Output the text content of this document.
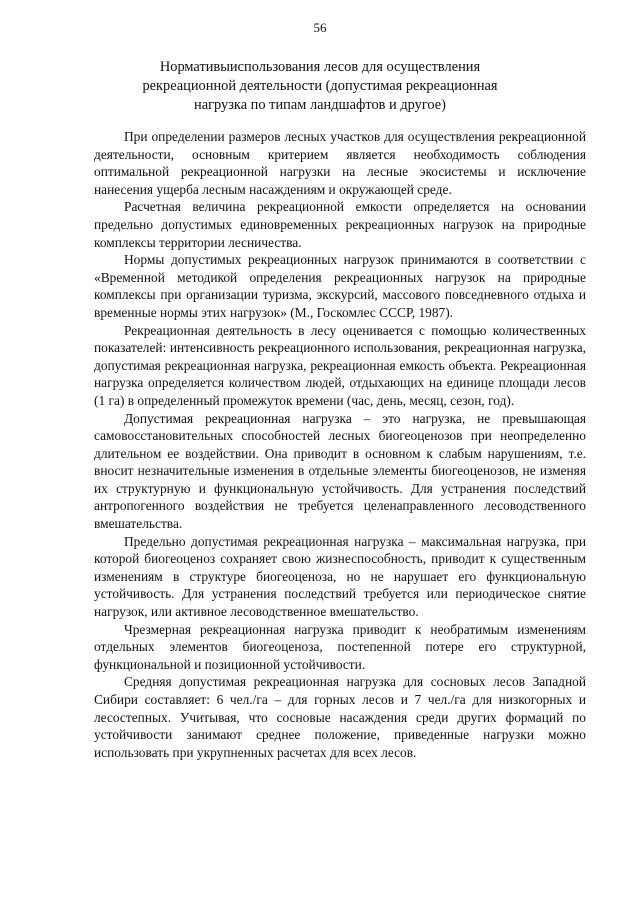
56
Нормативыиспользования лесов для осуществления
рекреационной деятельности (допустимая рекреационная
нагрузка по типам ландшафтов и другое)

При определении размеров лесных участков для осуществления рекреационной деятельности, основным критерием является необходимость соблюдения оптимальной рекреационной нагрузки на лесные экосистемы и исключение нанесения ущерба лесным насаждениям и окружающей среде.

Расчетная величина рекреационной емкости определяется на основании предельно допустимых единовременных рекреационных нагрузок на природные комплексы территории лесничества.

Нормы допустимых рекреационных нагрузок принимаются в соответствии с «Временной методикой определения рекреационных нагрузок на природные комплексы при организации туризма, экскурсий, массового повседневного отдыха и временные нормы этих нагрузок» (М., Госкомлес СССР, 1987).

Рекреационная деятельность в лесу оценивается с помощью количественных показателей: интенсивность рекреационного использования, рекреационная нагрузка, допустимая рекреационная нагрузка, рекреационная емкость объекта. Рекреационная нагрузка определяется количеством людей, отдыхающих на единице площади лесов (1 га) в определенный промежуток времени (час, день, месяц, сезон, год).

Допустимая рекреационная нагрузка – это нагрузка, не превышающая самовосстановительных способностей лесных биогеоценозов при неопределенно длительном ее воздействии. Она приводит в основном к слабым нарушениям, т.е. вносит незначительные изменения в отдельные элементы биогеоценозов, не изменяя их структурную и функциональную устойчивость. Для устранения последствий антропогенного воздействия не требуется целенаправленного лесоводственного вмешательства.

Предельно допустимая рекреационная нагрузка – максимальная нагрузка, при которой биогеоценоз сохраняет свою жизнеспособность, приводит к существенным изменениям в структуре биогеоценоза, но не нарушает его функциональную устойчивость. Для устранения последствий требуется или периодическое снятие нагрузок, или активное лесоводственное вмешательство.

Чрезмерная рекреационная нагрузка приводит к необратимым изменениям отдельных элементов биогеоценоза, постепенной потере его структурной, функциональной и позиционной устойчивости.

Средняя допустимая рекреационная нагрузка для сосновых лесов Западной Сибири составляет: 6 чел./га – для горных лесов и 7 чел./га для низкогорных и лесостепных. Учитывая, что сосновые насаждения среди других формаций по устойчивости занимают среднее положение, приведенные нагрузки можно использовать при укрупненных расчетах для всех лесов.
